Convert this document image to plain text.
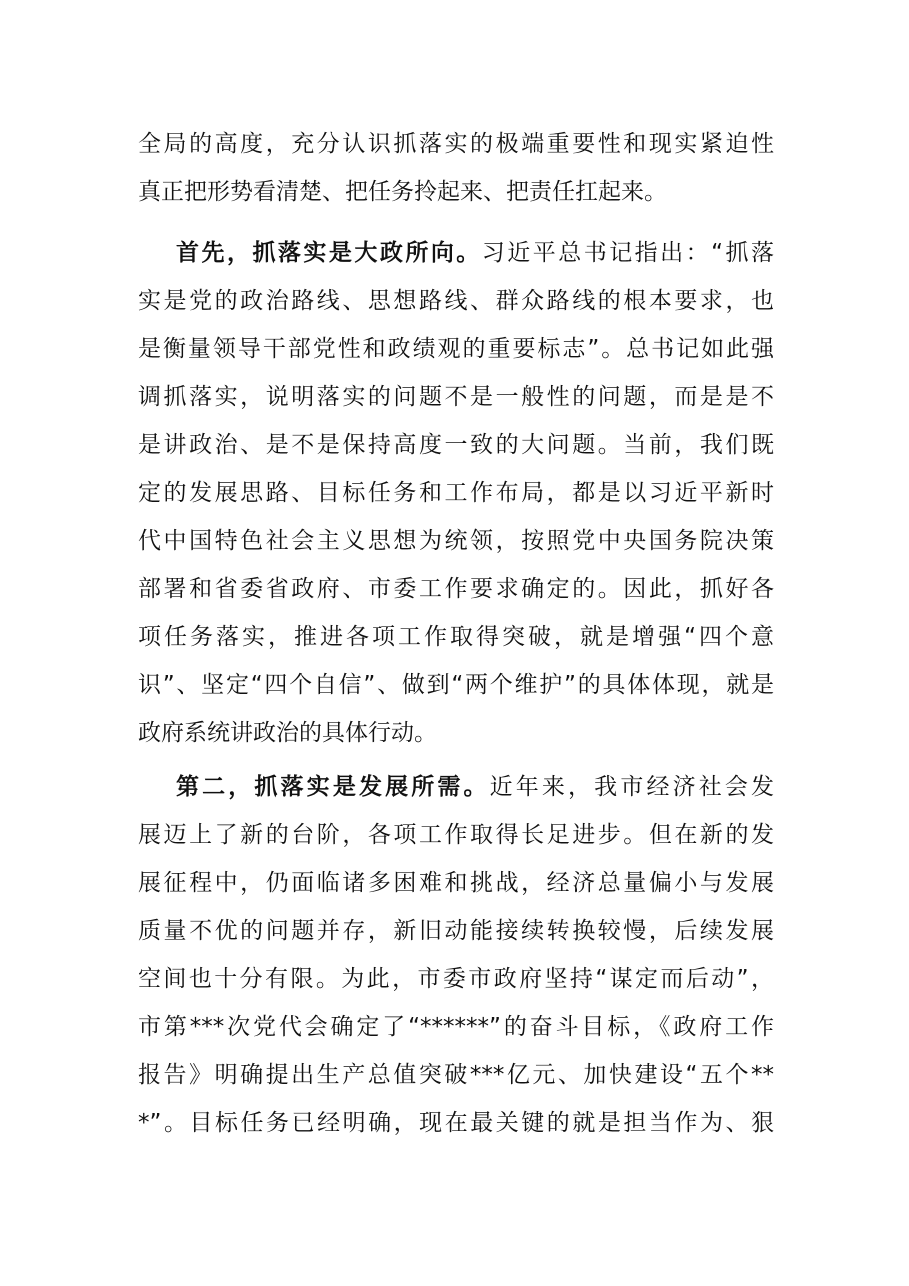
全局的高度，充分认识抓落实的极端重要性和现实紧迫性
真正把形势看清楚、把任务拎起来、把责任扛起来。
首先，抓落实是大政所向。习近平总书记指出：“抓落
实是党的政治路线、思想路线、群众路线的根本要求，也
是衡量领导干部党性和政绩观的重要标志”。总书记如此强
调抓落实，说明落实的问题不是一般性的问题，而是是不
是讲政治、是不是保持高度一致的大问题。当前，我们既
定的发展思路、目标任务和工作布局，都是以习近平新时
代中国特色社会主义思想为统领，按照党中央国务院决策
部署和省委省政府、市委工作要求确定的。因此，抓好各
项任务落实，推进各项工作取得突破，就是增强“四个意
识”、坚定“四个自信”、做到“两个维护”的具体体现，就是
政府系统讲政治的具体行动。
第二，抓落实是发展所需。近年来，我市经济社会发
展迈上了新的台阶，各项工作取得长足进步。但在新的发
展征程中，仍面临诸多困难和挑战，经济总量偏小与发展
质量不优的问题并存，新旧动能接续转换较慢，后续发展
空间也十分有限。为此，市委市政府坚持“谋定而后动”，
市第***次党代会确定了“******”的奋斗目标，《政府工作
报告》明确提出生产总值突破***亿元、加快建设“五个**
*”。目标任务已经明确，现在最关键的就是担当作为、狠
